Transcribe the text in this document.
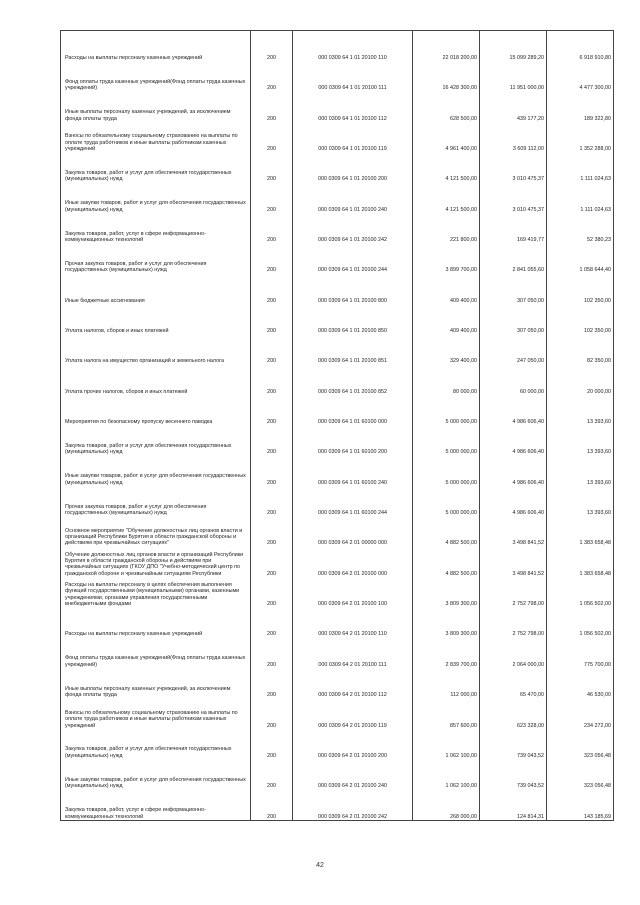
Расходы на выплаты персоналу казенных учреждений	200	000 0309 64 1 01 20100 110	22 018 200,00	15 099 289,20	6 918 910,80

Фонд оплаты труда казенных учреждений(Фонд оплаты труда казенных учреждений)	200	000 0309 64 1 01 20100 111	16 428 300,00	11 951 000,00	4 477 300,00

Иные выплаты персоналу казенных учреждений, за исключением фонда оплаты труда	200	000 0309 64 1 01 20100 112	628 500,00	439 177,20	189 322,80

Взносы по обязательному социальному страхованию на выплаты по оплате труда работников и иные выплаты работникам казенных учреждений	200	000 0309 64 1 01 20100 119	4 961 400,00	3 609 112,00	1 352 288,00

Закупка товаров, работ и услуг для обеспечения государственных (муниципальных) нужд	200	000 0309 64 1 01 20100 200	4 121 500,00	3 010 475,37	1 111 024,63

Иные закупки товаров, работ и услуг для обеспечения государственных (муниципальных) нужд	200	000 0309 64 1 01 20100 240	4 121 500,00	3 010 475,37	1 111 024,63

Закупка товаров, работ, услуг в сфере информационно-коммуникационных технологий	200	000 0309 64 1 01 20100 242	221 800,00	169 419,77	52 380,23

Прочая закупка товаров, работ и услуг для обеспечения государственных (муниципальных) нужд	200	000 0309 64 1 01 20100 244	3 899 700,00	2 841 055,60	1 058 644,40

Иные бюджетные ассигнования	200	000 0309 64 1 01 20100 800	409 400,00	307 050,00	102 350,00

Уплата налогов, сборов и иных платежей	200	000 0309 64 1 01 20100 850	409 400,00	307 050,00	102 350,00

Уплата налога на имущество организаций и земельного налога	200	000 0309 64 1 01 20100 851	329 400,00	247 050,00	82 350,00

Уплата прочих налогов, сборов и иных платежей	200	000 0309 64 1 01 20100 852	80 000,00	60 000,00	20 000,00

Мероприятия по безопасному пропуску весеннего паводка	200	000 0309 64 1 01 60100 000	5 000 000,00	4 986 606,40	13 393,60

Закупка товаров, работ и услуг для обеспечения государственных (муниципальных) нужд	200	000 0309 64 1 01 60100 200	5 000 000,00	4 986 606,40	13 393,60

Иные закупки товаров, работ и услуг для обеспечения государственных (муниципальных) нужд	200	000 0309 64 1 01 60100 240	5 000 000,00	4 986 606,40	13 393,60

Прочая закупка товаров, работ и услуг для обеспечения государственных (муниципальных) нужд	200	000 0309 64 1 01 60100 244	5 000 000,00	4 986 606,40	13 393,60

Основное мероприятие "Обучение должностных лиц органов власти и организаций Республики Бурятия в области гражданской обороны и действиям при чрезвычайных ситуациях"	200	000 0309 64 2 01 00000 000	4 882 500,00	3 498 841,52	1 383 658,48

Обучение должностных лиц органов власти и организаций Республики Бурятия в области гражданской обороны и действиям при чрезвычайных ситуациях (ГКОУ ДПО "Учебно-методический центр по гражданской обороне и чрезвычайным ситуациям Республики	200	000 0309 64 2 01 20100 000	4 882 500,00	3 498 841,52	1 383 658,48

Расходы на выплаты персоналу в целях обеспечения выполнения функций государственными (муниципальными) органами, казенными учреждениями, органами управления государственными внебюджетными фондами	200	000 0309 64 2 01 20100 100	3 809 300,00	2 752 798,00	1 056 502,00

Расходы на выплаты персоналу казенных учреждений	200	000 0309 64 2 01 20100 110	3 809 300,00	2 752 798,00	1 056 502,00

Фонд оплаты труда казенных учреждений(Фонд оплаты труда казенных учреждений)	200	000 0309 64 2 01 20100 111	2 839 700,00	2 064 000,00	775 700,00

Иные выплаты персоналу казенных учреждений, за исключением фонда оплаты труда	200	000 0309 64 2 01 20100 112	112 000,00	65 470,00	46 530,00

Взносы по обязательному социальному страхованию на выплаты по оплате труда работников и иные выплаты работникам казенных учреждений	200	000 0309 64 2 01 20100 119	857 600,00	623 328,00	234 272,00

Закупка товаров, работ и услуг для обеспечения государственных (муниципальных) нужд	200	000 0309 64 2 01 20100 200	1 062 100,00	739 043,52	323 056,48

Иные закупки товаров, работ и услуг для обеспечения государственных (муниципальных) нужд	200	000 0309 64 2 01 20100 240	1 062 100,00	739 043,52	323 056,48

Закупка товаров, работ, услуг в сфере информационно-коммуникационных технологий	200	000 0309 64 2 01 20100 242	268 000,00	124 814,31	143 185,69
42
